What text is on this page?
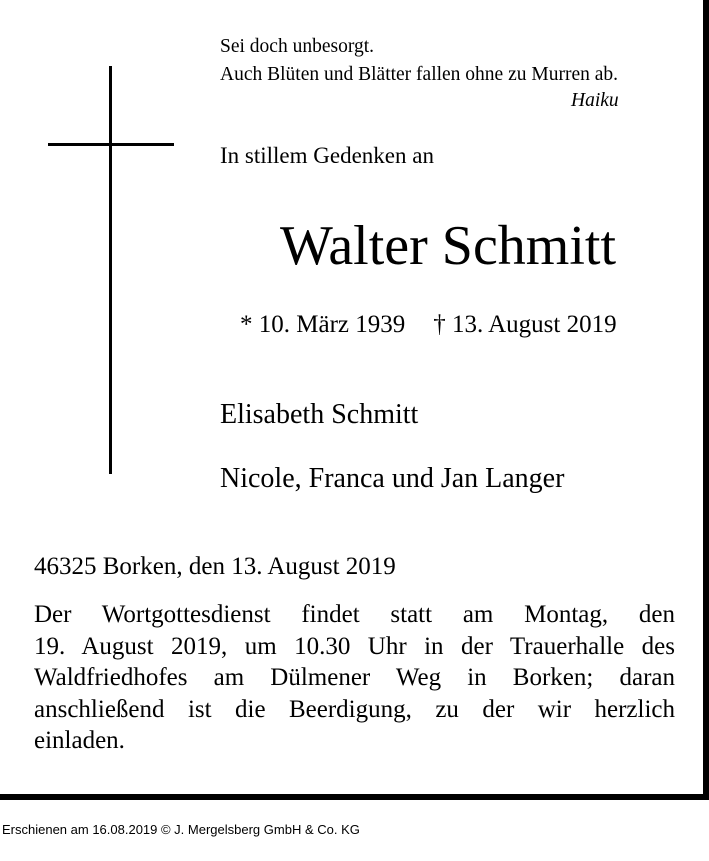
Sei doch unbesorgt.
Auch Blüten und Blätter fallen ohne zu Murren ab.
Haiku
In stillem Gedenken an
Walter Schmitt
* 10. März 1939 † 13. August 2019
Elisabeth Schmitt
Nicole, Franca und Jan Langer
46325 Borken, den 13. August 2019
Der Wortgottesdienst findet statt am Montag, den
19. August 2019, um 10.30 Uhr in der Trauerhalle des
Waldfriedhofes am Dülmener Weg in Borken; daran
anschließend ist die Beerdigung, zu der wir herzlich
einladen.
Erschienen am 16.08.2019 © J. Mergelsberg GmbH & Co. KG
